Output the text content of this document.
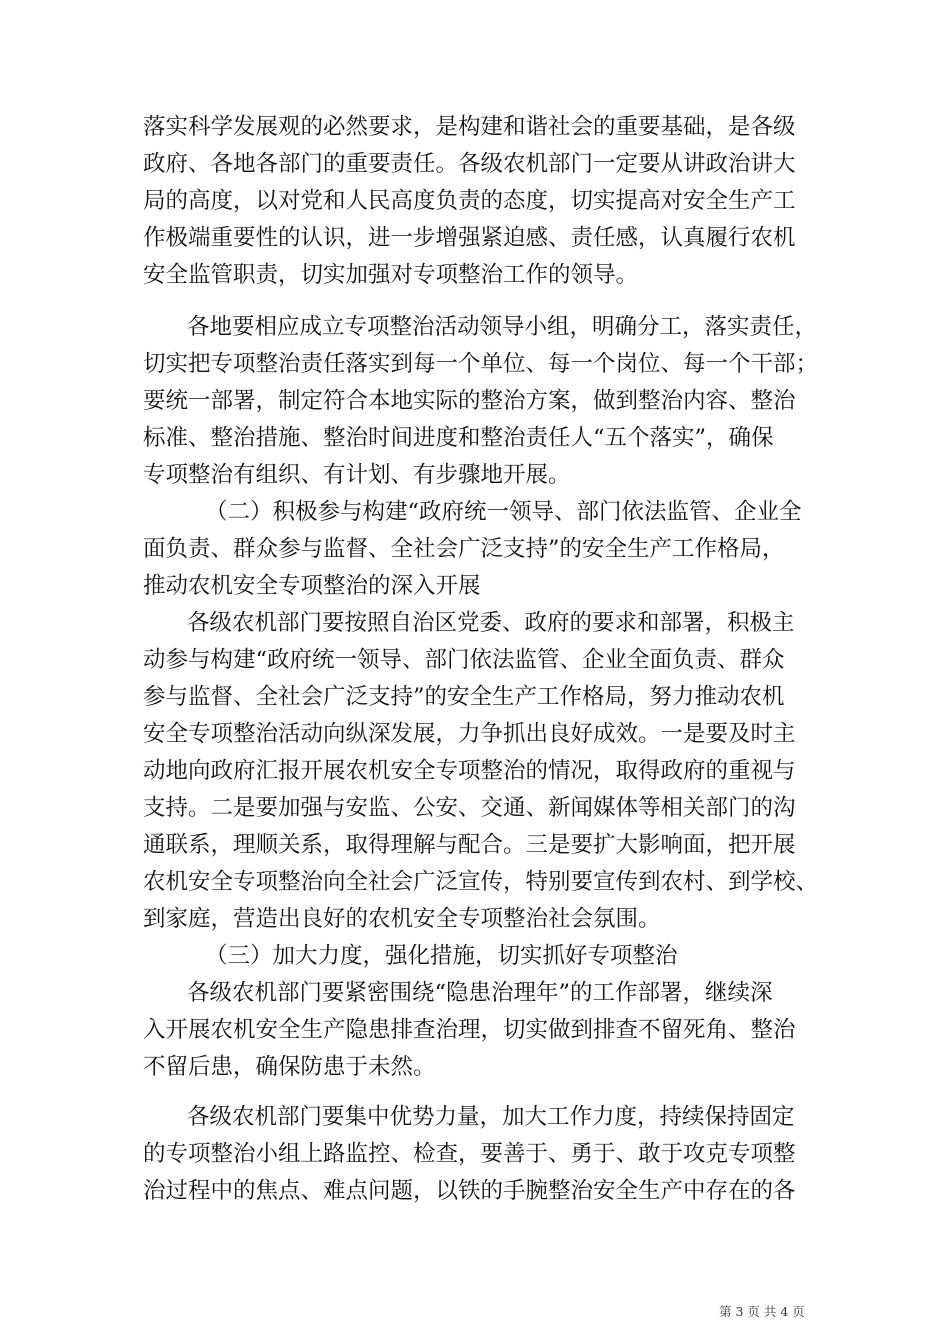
落实科学发展观的必然要求，是构建和谐社会的重要基础，是各级
政府、各地各部门的重要责任。各级农机部门一定要从讲政治讲大
局的高度，以对党和人民高度负责的态度，切实提高对安全生产工
作极端重要性的认识，进一步增强紧迫感、责任感，认真履行农机
安全监管职责，切实加强对专项整治工作的领导。
各地要相应成立专项整治活动领导小组，明确分工，落实责任，
切实把专项整治责任落实到每一个单位、每一个岗位、每一个干部；
要统一部署，制定符合本地实际的整治方案，做到整治内容、整治
标准、整治措施、整治时间进度和整治责任人“五个落实”，确保
专项整治有组织、有计划、有步骤地开展。
（二）积极参与构建“政府统一领导、部门依法监管、企业全
面负责、群众参与监督、全社会广泛支持”的安全生产工作格局，
推动农机安全专项整治的深入开展
各级农机部门要按照自治区党委、政府的要求和部署，积极主
动参与构建“政府统一领导、部门依法监管、企业全面负责、群众
参与监督、全社会广泛支持”的安全生产工作格局，努力推动农机
安全专项整治活动向纵深发展，力争抓出良好成效。一是要及时主
动地向政府汇报开展农机安全专项整治的情况，取得政府的重视与
支持。二是要加强与安监、公安、交通、新闻媒体等相关部门的沟
通联系，理顺关系，取得理解与配合。三是要扩大影响面，把开展
农机安全专项整治向全社会广泛宣传，特别要宣传到农村、到学校、
到家庭，营造出良好的农机安全专项整治社会氛围。
（三）加大力度，强化措施，切实抓好专项整治
各级农机部门要紧密围绕“隐患治理年”的工作部署，继续深
入开展农机安全生产隐患排查治理，切实做到排查不留死角、整治
不留后患，确保防患于未然。
各级农机部门要集中优势力量，加大工作力度，持续保持固定
的专项整治小组上路监控、检查，要善于、勇于、敢于攻克专项整
治过程中的焦点、难点问题，以铁的手腕整治安全生产中存在的各
第 3 页 共 4 页
